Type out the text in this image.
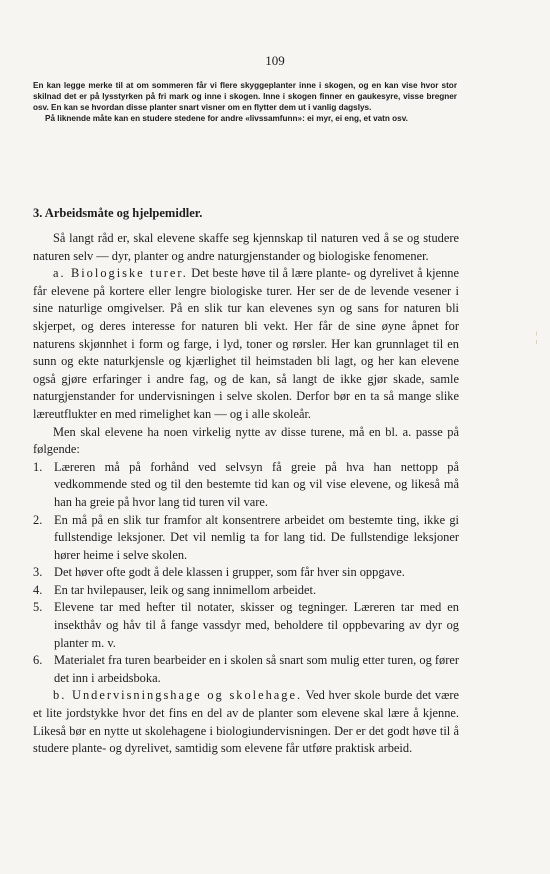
109

En kan legge merke til at om sommeren får vi flere skyggeplanter inne i skogen, og en kan vise hvor stor skilnad det er på lysstyrken på fri mark og inne i skogen. Inne i skogen finner en gaukesyre, visse bregner osv. En kan se hvordan disse planter snart visner om en flytter dem ut i vanlig dagslys.

På liknende måte kan en studere stedene for andre «livssamfunn»: ei myr, ei eng, et vatn osv.

3. Arbeidsmåte og hjelpemidler.

Så langt råd er, skal elevene skaffe seg kjennskap til naturen ved å se og studere naturen selv — dyr, planter og andre naturgjenstander og biologiske fenomener.

a. Biologiske turer. Det beste høve til å lære plante- og dyrelivet å kjenne får elevene på kortere eller lengre biologiske turer. Her ser de de levende vesener i sine naturlige omgivelser. På en slik tur kan elevenes syn og sans for naturen bli skjerpet, og deres interesse for naturen bli vekt. Her får de sine øyne åpnet for naturens skjønnhet i form og farge, i lyd, toner og rørsler. Her kan grunnlaget til en sunn og ekte naturkjensle og kjærlighet til heimstaden bli lagt, og her kan elevene også gjøre erfaringer i andre fag, og de kan, så langt de ikke gjør skade, samle naturgjenstander for undervisningen i selve skolen. Derfor bør en ta så mange slike læreutflukter en med rimelighet kan — og i alle skoleår.

Men skal elevene ha noen virkelig nytte av disse turene, må en bl. a. passe på følgende:

1. Læreren må på forhånd ved selvsyn få greie på hva han nettopp på vedkommende sted og til den bestemte tid kan og vil vise elevene, og likeså må han ha greie på hvor lang tid turen vil vare.
2. En må på en slik tur framfor alt konsentrere arbeidet om bestemte ting, ikke gi fullstendige leksjoner. Det vil nemlig ta for lang tid. De fullstendige leksjoner hører heime i selve skolen.
3. Det høver ofte godt å dele klassen i grupper, som får hver sin oppgave.
4. En tar hvilepauser, leik og sang innimellom arbeidet.
5. Elevene tar med hefter til notater, skisser og tegninger. Læreren tar med en insekthåv og håv til å fange vassdyr med, beholdere til oppbevaring av dyr og planter m. v.
6. Materialet fra turen bearbeider en i skolen så snart som mulig etter turen, og fører det inn i arbeidsboka.

b. Undervisningshage og skolehage. Ved hver skole burde det være et lite jordstykke hvor det fins en del av de planter som elevene skal lære å kjenne. Likeså bør en nytte ut skolehagene i biologiundervisningen. Der er det godt høve til å studere plante- og dyrelivet, samtidig som elevene får utføre praktisk arbeid.

¦
